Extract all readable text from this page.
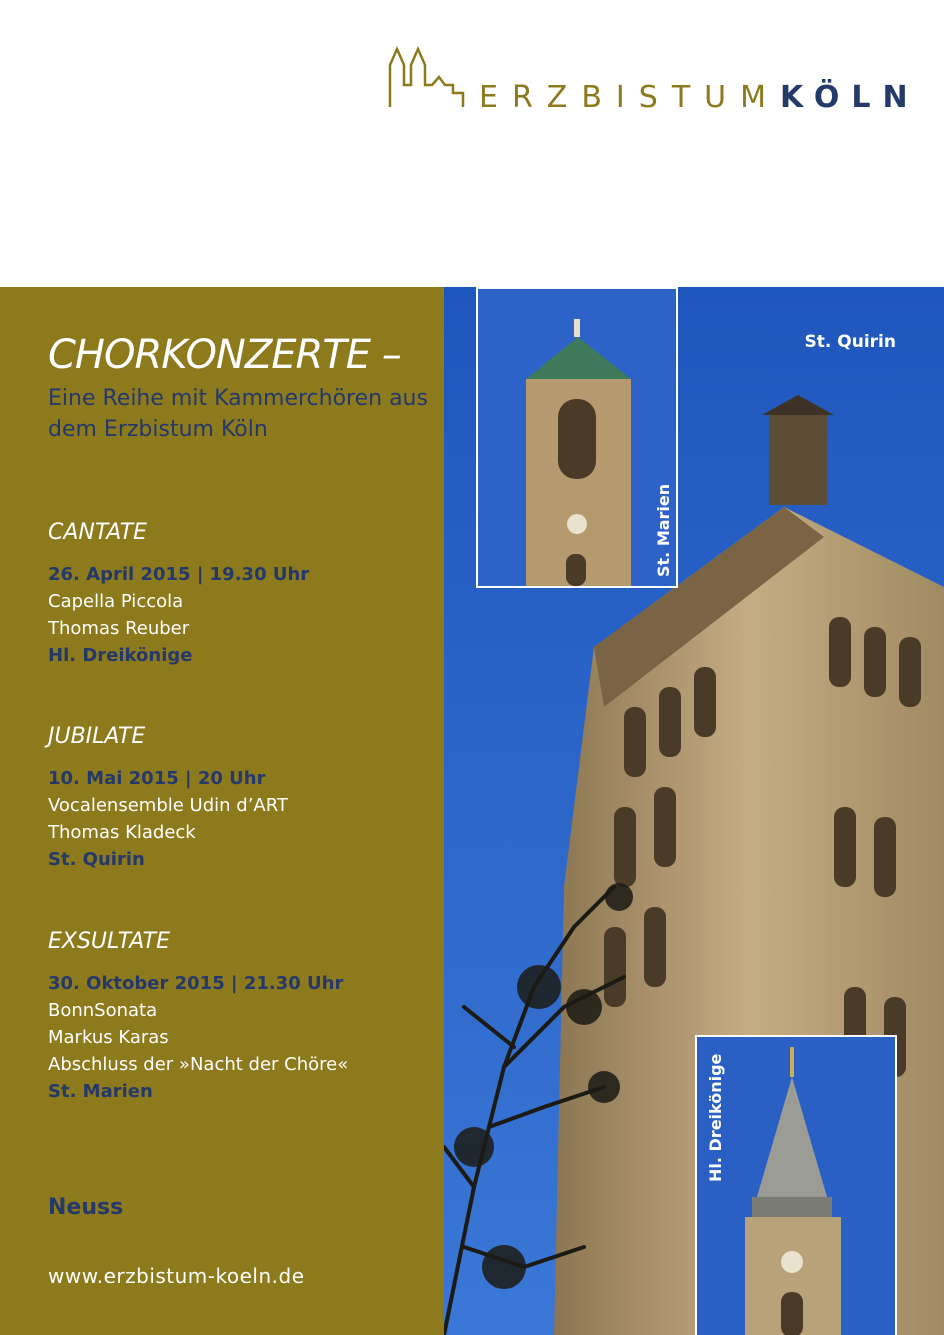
ERZBISTUMKÖLN
CHORKONZERTE –
Eine Reihe mit Kammerchören aus dem Erzbistum Köln
CANTATE
26. April 2015 | 19.30 Uhr
Capella Piccola
Thomas Reuber
Hl. Dreikönige
JUBILATE
10. Mai 2015 | 20 Uhr
Vocalensemble Udin d’ART
Thomas Kladeck
St. Quirin
EXSULTATE
30. Oktober 2015 | 21.30 Uhr
BonnSonata
Markus Karas
Abschluss der »Nacht der Chöre«
St. Marien
Neuss
www.erzbistum-koeln.de
St. Quirin
St. Marien
Hl. Dreikönige
